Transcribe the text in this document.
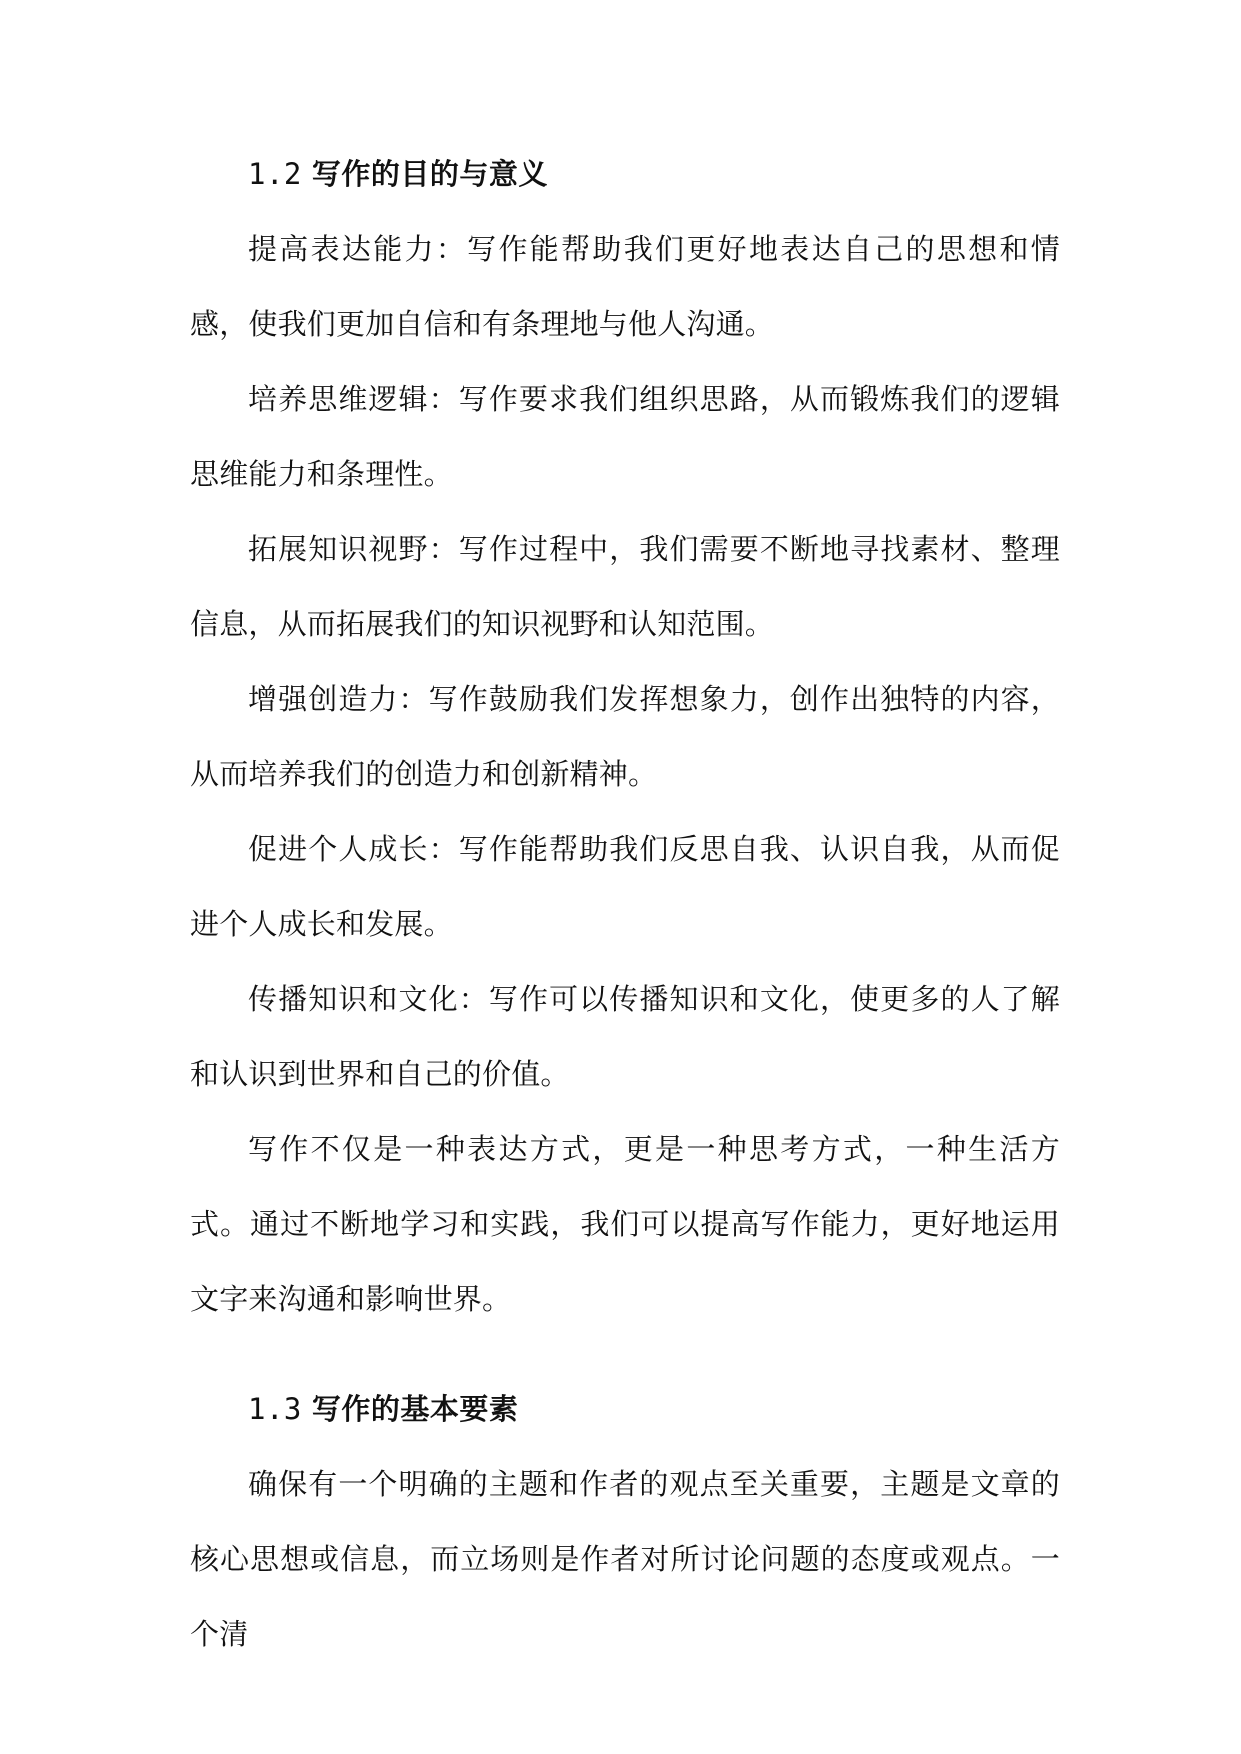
1.2 写作的目的与意义

提高表达能力：写作能帮助我们更好地表达自己的思想和情感，使我们更加自信和有条理地与他人沟通。

培养思维逻辑：写作要求我们组织思路，从而锻炼我们的逻辑思维能力和条理性。

拓展知识视野：写作过程中，我们需要不断地寻找素材、整理信息，从而拓展我们的知识视野和认知范围。

增强创造力：写作鼓励我们发挥想象力，创作出独特的内容，从而培养我们的创造力和创新精神。

促进个人成长：写作能帮助我们反思自我、认识自我，从而促进个人成长和发展。

传播知识和文化：写作可以传播知识和文化，使更多的人了解和认识到世界和自己的价值。

写作不仅是一种表达方式，更是一种思考方式，一种生活方式。通过不断地学习和实践，我们可以提高写作能力，更好地运用文字来沟通和影响世界。

1.3 写作的基本要素

确保有一个明确的主题和作者的观点至关重要，主题是文章的核心思想或信息，而立场则是作者对所讨论问题的态度或观点。一个清
